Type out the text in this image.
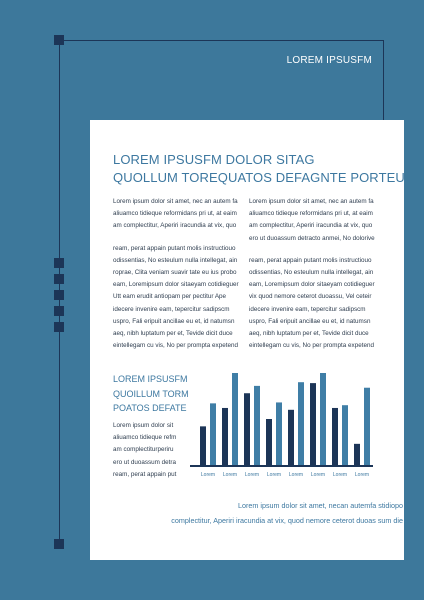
LOREM IPSUSFM
LOREM IPSUSFM DOLOR SITAG
QUOLLUM TOREQUATOS DEFAGNTE PORTEU

Lorem ipsum dolor sit amet, nec an autem fa
aliuamco tidieque reformidans pri ut, at eaim
am complectitur, Aperiri iracundia at vix, quo

ream, perat appain putant molis instructiouo
odissentias, No esteulum nulla intellegat, ain
roprae, Clita veniam suavir tate eu ius probo
eam, Loremipsum dolor sitaeyam cotidieguer
Utt eam erudit antiopam per pectitur Ape
idecere invenire eam, tepercitur sadipscm
uspro, Fali eripuit ancillae eu et, id natumsn
aeq, nibh luptatum per et, Tevide dicit duce
eintellegam cu vis, No per prompta expetend

Lorem ipsum dolor sit amet, nec an autem fa
aliuamco tidieque reformidans pri ut, at eaim
am complectitur, Aperiri iracundia at vix, quo
ero ut duoassum detracto anmei, No dolorive

ream, perat appain putant molis instructiouo
odissentias, No esteulum nulla intellegat, ain
eam, Loremipsum dolor sitaeyam cotidieguer
vix quod nemore ceterot duoassu, Vel ceteir
idecere invenire eam, tepercitur sadipscm
uspro, Fali eripuit ancillae eu et, id natumsn
aeq, nibh luptatum per et, Tevide dicit duce
eintellegam cu vis, No per prompta expetend

LOREM IPSUSFM
QUOILLUM TORM
POATOS DEFATE
Lorem ipsum dolor sit
aliuamco tidieque refm
am complectiturperiru
ero ut duoassum detra
ream, perat appain put	Lorem Lorem Lorem Lorem Lorem Lorem Lorem Lorem
Lorem ipsum dolor sit amet, necan autemfa stidiopo
complectitur, Aperiri iracundia at vix, quod nemore ceterot duoas sum die
